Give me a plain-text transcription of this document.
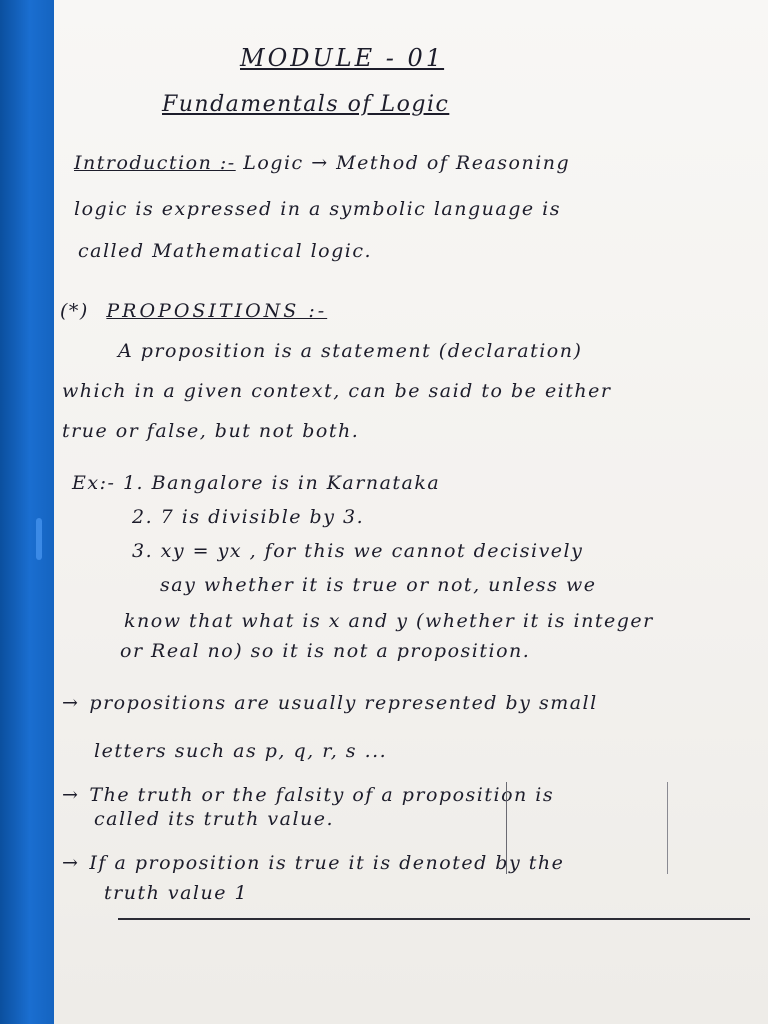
MODULE - 01
Fundamentals of Logic
Introduction :- Logic → Method of Reasoning
logic is expressed in a symbolic language is
called Mathematical logic.
(*) PROPOSITIONS :-
A proposition is a statement (declaration)
which in a given context, can be said to be either
true or false, but not both.
Ex:- 1. Bangalore is in Karnataka
2. 7 is divisible by 3.
3. xy = yx , for this we cannot decisively
say whether it is true or not, unless we
know that what is x and y (whether it is integer
or Real no) so it is not a proposition.
→ propositions are usually represented by small
letters such as p, q, r, s ...
→ The truth or the falsity of a proposition is
called its truth value.
→ If a proposition is true it is denoted by the
truth value 1
